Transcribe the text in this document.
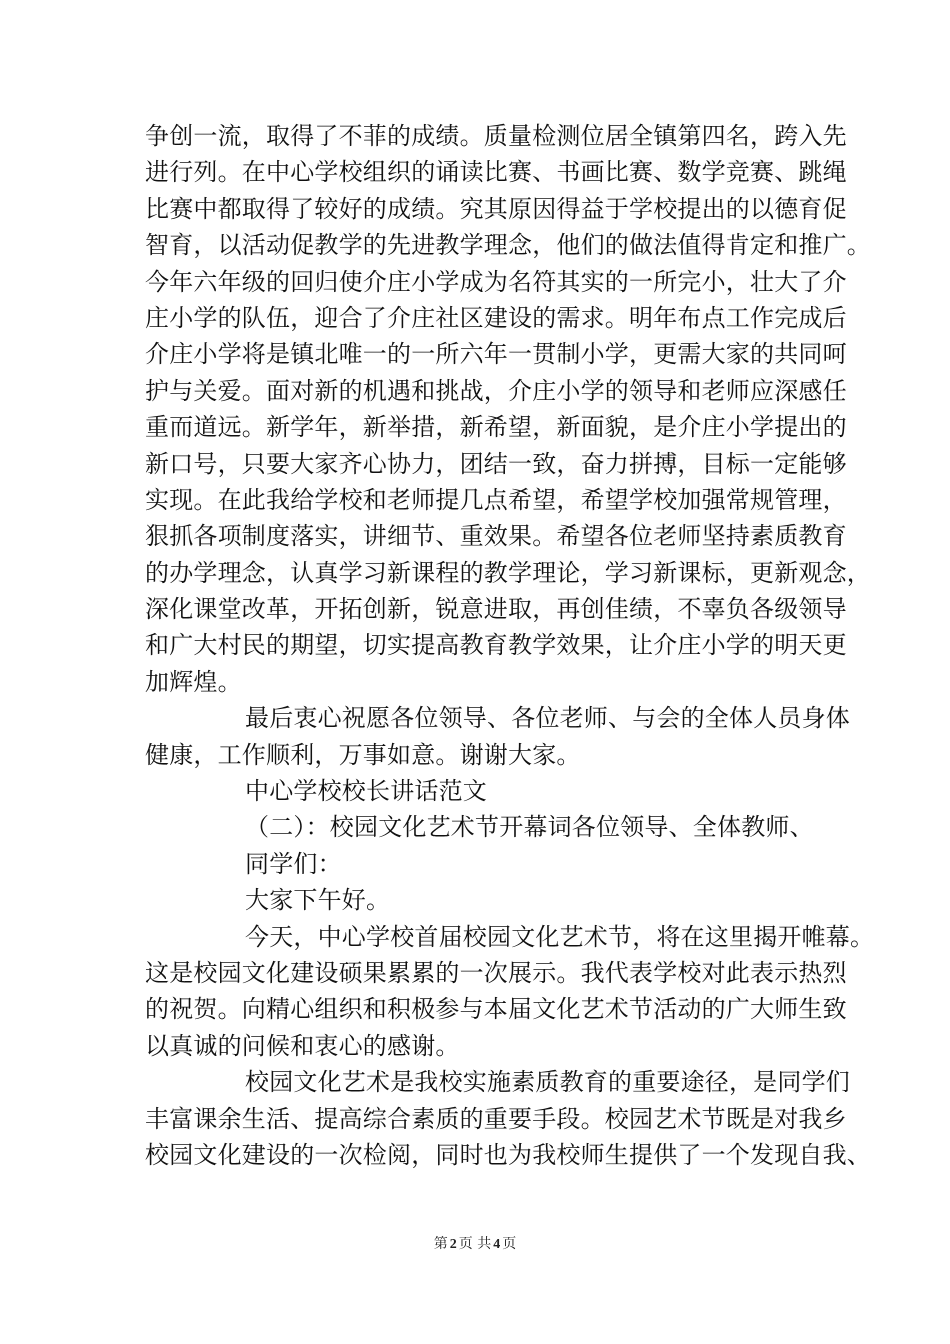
争创一流，取得了不菲的成绩。质量检测位居全镇第四名，跨入先
进行列。在中心学校组织的诵读比赛、书画比赛、数学竞赛、跳绳
比赛中都取得了较好的成绩。究其原因得益于学校提出的以德育促
智育，以活动促教学的先进教学理念，他们的做法值得肯定和推广。
今年六年级的回归使介庄小学成为名符其实的一所完小，壮大了介
庄小学的队伍，迎合了介庄社区建设的需求。明年布点工作完成后
介庄小学将是镇北唯一的一所六年一贯制小学，更需大家的共同呵
护与关爱。面对新的机遇和挑战，介庄小学的领导和老师应深感任
重而道远。新学年，新举措，新希望，新面貌，是介庄小学提出的
新口号，只要大家齐心协力，团结一致，奋力拼搏，目标一定能够
实现。在此我给学校和老师提几点希望，希望学校加强常规管理，
狠抓各项制度落实，讲细节、重效果。希望各位老师坚持素质教育
的办学理念，认真学习新课程的教学理论，学习新课标，更新观念，
深化课堂改革，开拓创新，锐意进取，再创佳绩，不辜负各级领导
和广大村民的期望，切实提高教育教学效果，让介庄小学的明天更
加辉煌。
最后衷心祝愿各位领导、各位老师、与会的全体人员身体
健康，工作顺利，万事如意。谢谢大家。
中心学校校长讲话范文
（二）：校园文化艺术节开幕词各位领导、全体教师、
同学们：
大家下午好。
今天，中心学校首届校园文化艺术节，将在这里揭开帷幕。
这是校园文化建设硕果累累的一次展示。我代表学校对此表示热烈
的祝贺。向精心组织和积极参与本届文化艺术节活动的广大师生致
以真诚的问候和衷心的感谢。
校园文化艺术是我校实施素质教育的重要途径，是同学们
丰富课余生活、提高综合素质的重要手段。校园艺术节既是对我乡
校园文化建设的一次检阅，同时也为我校师生提供了一个发现自我、
第 2 页 共 4 页
